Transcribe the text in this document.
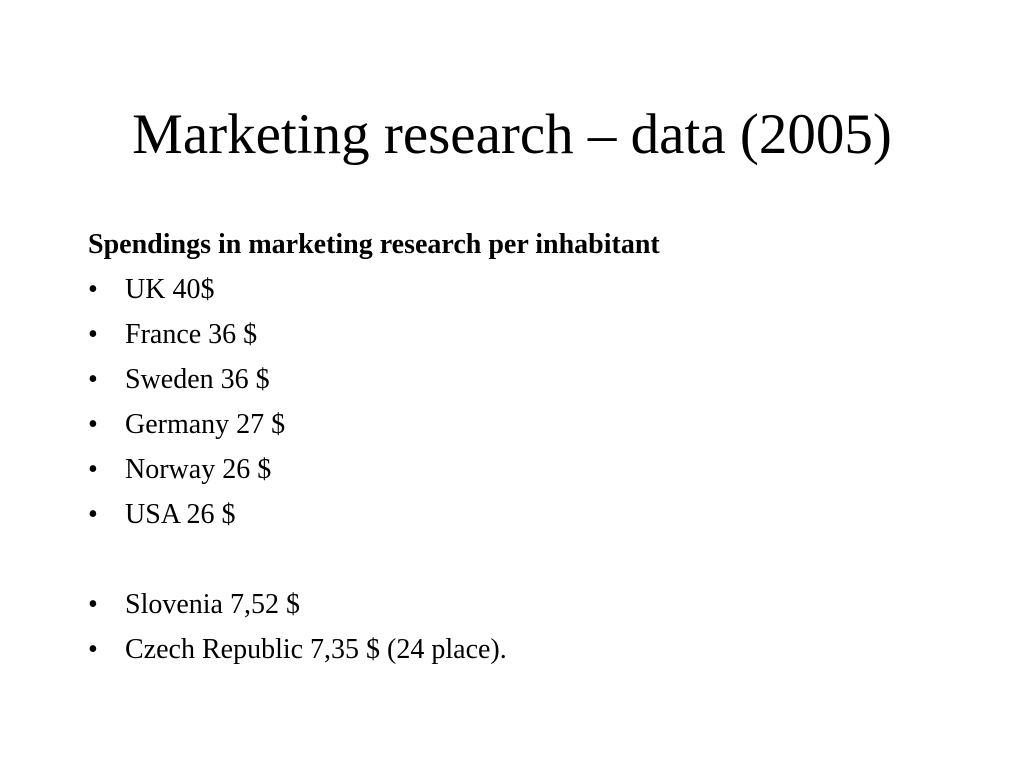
Marketing research – data (2005)

Spendings in marketing research per inhabitant

• UK 40$
• France 36 $
• Sweden 36 $
• Germany 27 $
• Norway 26 $
• USA 26 $
• Slovenia 7,52 $
• Czech Republic 7,35 $ (24 place).
